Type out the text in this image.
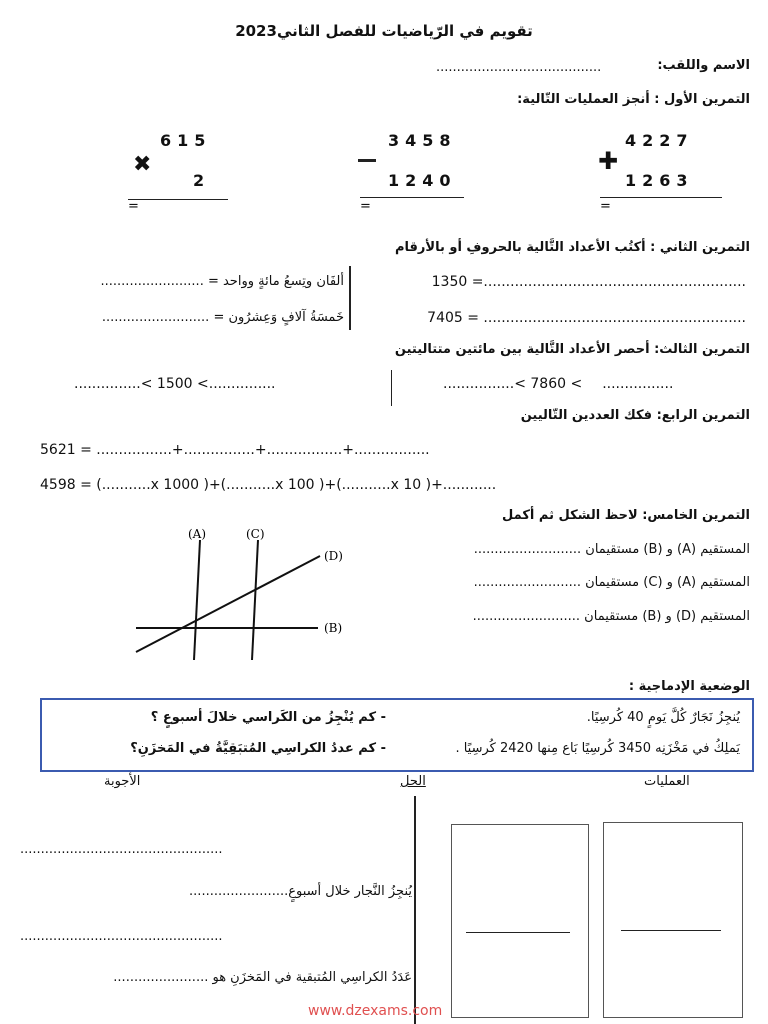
تقويم في الرّياضيات للفصل الثاني2023
الاسم واللقب:
........................................
التمرين الأول : أنجز العمليات التّالية:
✚
4227
1263
=
3458
1240
=
✖
615
2
=
التمرين الثاني : أكتُب الأعداد التَّالية بالحروفِ أو بالأرقام
1350 =...........................................................
7405 = ...........................................................
ألفَان وتِسعُ مائةٍ وواحد = .........................
خَمسَةُ آلافٍ وَعِشرُون = ..........................
التمرين الثالث: أحصر الأعداد التَّالية بين مائتين متتاليتين
................< 7860 < ................
...............< 1500 <...............
التمرين الرابع: فكك العددين التّاليين
5621 = .................+................+.................+.................
4598 = (...........x 1000 )+(...........x 100 )+(...........x 10 )+............
التمرين الخامس: لاحظ الشكل ثم أكمل
المستقيم (A) و (B) مستقيمان ..........................
المستقيم (A) و (C) مستقيمان ..........................
المستقيم (D) و (B) مستقيمان ..........................
(A)	(C)
(D)
(B)
الوضعية الإدماجية :
يُنجِزُ نَجَارٌ كُلَّ يَومٍ 40 كُرسِيًا.
يَملِكُ في مَخْزَنِه 3450 كُرسِيًا بَاع مِنها 2420 كُرسِيًا .
- كم يُنْجِزُ من الكَراسي خلالَ أسبوعٍ ؟
- كم عددُ الكراسِي المُتبَقِيَّةُ في المَخزَنِ؟
العمليات
الحل
الأجوبة
.................................................
يُنجِزُ النَّجار خلال أسبوعٍ........................
.................................................
عَدَدُ الكراسِي المُتبقية في المَخزَنِ هو .......................
www.dzexams.com
